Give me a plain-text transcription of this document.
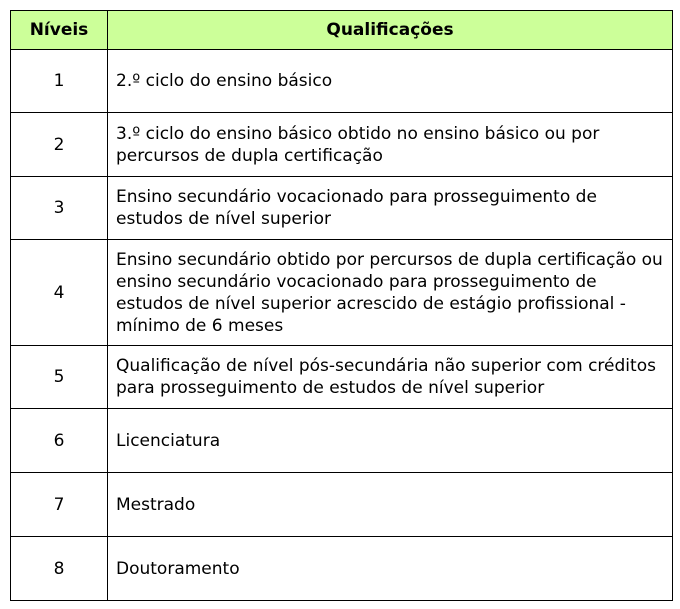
Níveis	Qualificações
1	2.º ciclo do ensino básico
2	3.º ciclo do ensino básico obtido no ensino básico ou por percursos de dupla certificação
3	Ensino secundário vocacionado para prosseguimento de estudos de nível superior
4	Ensino secundário obtido por percursos de dupla certificação ou ensino secundário vocacionado para prosseguimento de estudos de nível superior acrescido de estágio profissional - mínimo de 6 meses
5	Qualificação de nível pós-secundária não superior com créditos para prosseguimento de estudos de nível superior
6	Licenciatura
7	Mestrado
8	Doutoramento
